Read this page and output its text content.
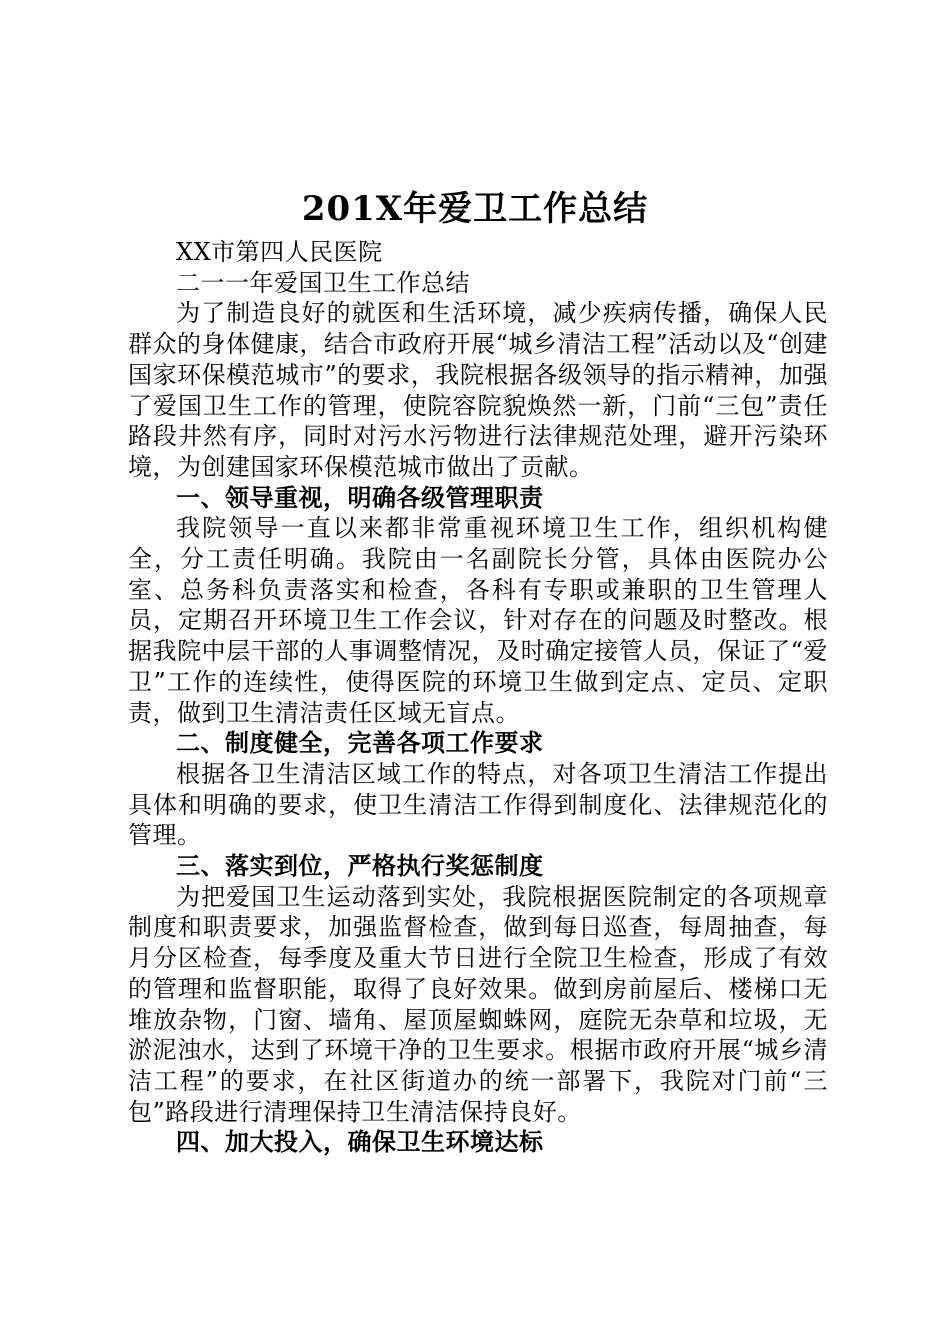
201X年爱卫工作总结

XX市第四人民医院

二一一年爱国卫生工作总结

为了制造良好的就医和生活环境，减少疾病传播，确保人民群众的身体健康，结合市政府开展“城乡清洁工程”活动以及“创建国家环保模范城市”的要求，我院根据各级领导的指示精神，加强了爱国卫生工作的管理，使院容院貌焕然一新，门前“三包”责任路段井然有序，同时对污水污物进行法律规范处理，避开污染环境，为创建国家环保模范城市做出了贡献。

一、领导重视，明确各级管理职责

我院领导一直以来都非常重视环境卫生工作，组织机构健全，分工责任明确。我院由一名副院长分管，具体由医院办公室、总务科负责落实和检查，各科有专职或兼职的卫生管理人员，定期召开环境卫生工作会议，针对存在的问题及时整改。根据我院中层干部的人事调整情况，及时确定接管人员，保证了“爱卫”工作的连续性，使得医院的环境卫生做到定点、定员、定职责，做到卫生清洁责任区域无盲点。

二、制度健全，完善各项工作要求

根据各卫生清洁区域工作的特点，对各项卫生清洁工作提出具体和明确的要求，使卫生清洁工作得到制度化、法律规范化的管理。

三、落实到位，严格执行奖惩制度

为把爱国卫生运动落到实处，我院根据医院制定的各项规章制度和职责要求，加强监督检查，做到每日巡查，每周抽查，每月分区检查，每季度及重大节日进行全院卫生检查，形成了有效的管理和监督职能，取得了良好效果。做到房前屋后、楼梯口无堆放杂物，门窗、墙角、屋顶屋蜘蛛网，庭院无杂草和垃圾，无淤泥浊水，达到了环境干净的卫生要求。根据市政府开展“城乡清洁工程”的要求，在社区街道办的统一部署下，我院对门前“三包”路段进行清理保持卫生清洁保持良好。

四、加大投入，确保卫生环境达标
